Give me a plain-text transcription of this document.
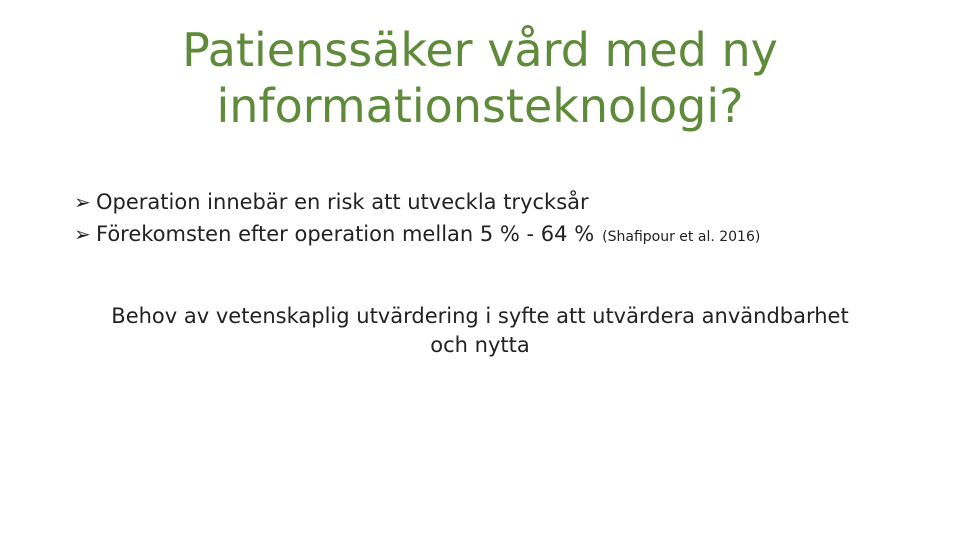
Patienssäker vård med ny
informationsteknologi?
➢ Operation innebär en risk att utveckla trycksår
➢ Förekomsten efter operation mellan 5 % - 64 % (Shafipour et al. 2016)

Behov av vetenskaplig utvärdering i syfte att utvärdera användbarhet
och nytta
